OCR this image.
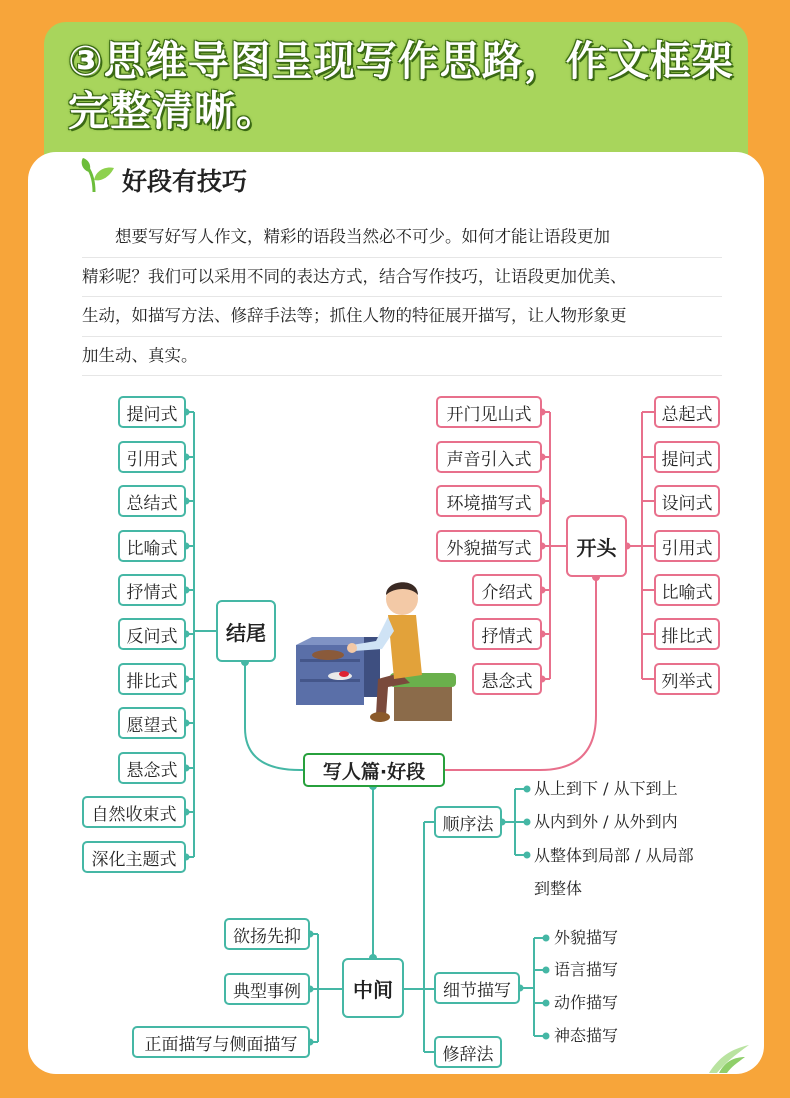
③思维导图呈现写作思路，作文框架完整清晰。
好段有技巧
　　想要写好写人作文，精彩的语段当然必不可少。如何才能让语段更加
精彩呢？我们可以采用不同的表达方式，结合写作技巧，让语段更加优美、
生动，如描写方法、修辞手法等；抓住人物的特征展开描写，让人物形象更
加生动、真实。
提问式
引用式
总结式
比喻式
抒情式
反问式
排比式
愿望式
悬念式
自然收束式
深化主题式
结尾
开门见山式
声音引入式
环境描写式
外貌描写式
介绍式
抒情式
悬念式
开头
总起式
提问式
设问式
引用式
比喻式
排比式
列举式
写人篇·好段
中间
欲扬先抑
典型事例
正面描写与侧面描写
顺序法
细节描写
修辞法
从上到下 / 从下到上
从内到外 / 从外到内
从整体到局部 / 从局部到整体
外貌描写
语言描写
动作描写
神态描写
